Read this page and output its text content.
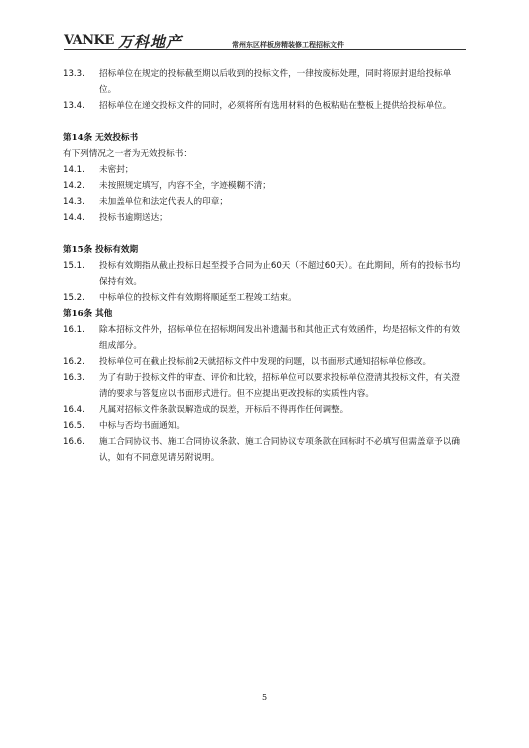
VANKE 万科地产	常州东区样板房精装修工程招标文件
13.3.	招标单位在规定的投标截至期以后收到的投标文件，一律按废标处理，同时将原封退给投标单位。
13.4.	招标单位在递交投标文件的同时，必须将所有选用材料的色板粘贴在整板上提供给投标单位。
第14条 无效投标书
有下列情况之一者为无效投标书：
14.1.	未密封；
14.2.	未按照规定填写，内容不全，字迹模糊不清；
14.3.	未加盖单位和法定代表人的印章；
14.4.	投标书逾期送达；
第15条 投标有效期
15.1.	投标有效期指从截止投标日起至授予合同为止60天（不超过60天）。在此期间，所有的投标书均保持有效。
15.2.	中标单位的投标文件有效期将顺延至工程竣工结束。
第16条 其他
16.1.	除本招标文件外，招标单位在招标期间发出补遗漏书和其他正式有效函件，均是招标文件的有效组成部分。
16.2.	投标单位可在截止投标前2天就招标文件中发现的问题，以书面形式通知招标单位修改。
16.3.	为了有助于投标文件的审查、评价和比较，招标单位可以要求投标单位澄清其投标文件，有关澄清的要求与答复应以书面形式进行。但不应提出更改投标的实质性内容。
16.4.	凡属对招标文件条款误解造成的误差，开标后不得再作任何调整。
16.5.	中标与否均书面通知。
16.6.	施工合同协议书、施工合同协议条款、施工合同协议专项条款在回标时不必填写但需盖章予以确认，如有不同意见请另附说明。
5
